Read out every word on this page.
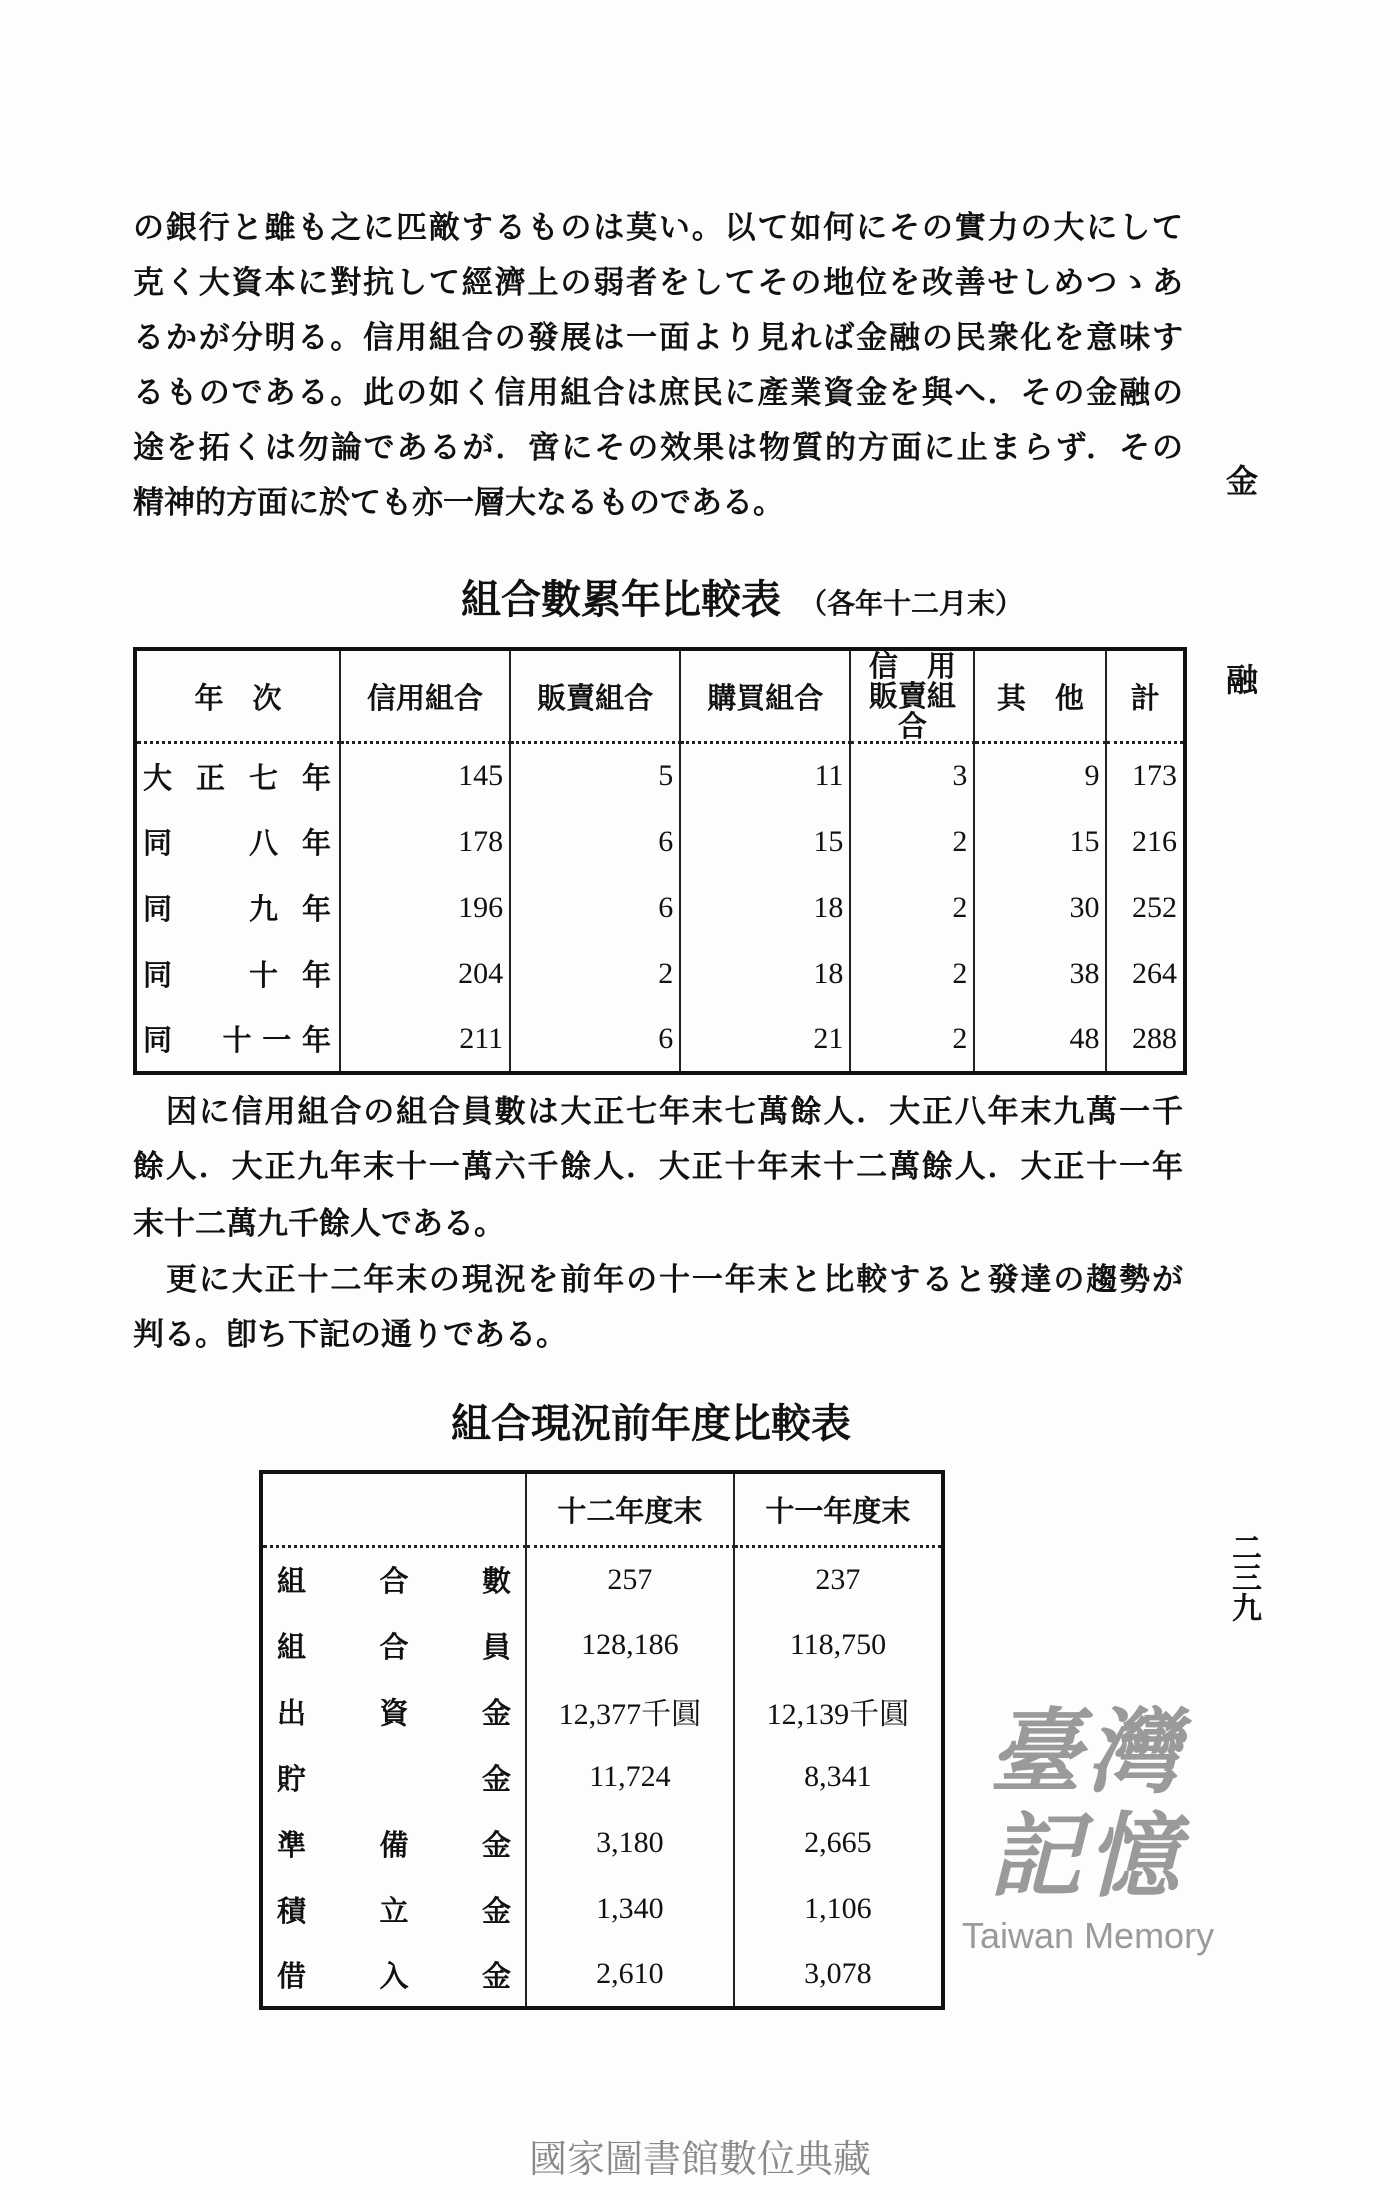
の銀行と雖も之に匹敵するものは莫い。以て如何にその實力の大にして
克く大資本に對抗して經濟上の弱者をしてその地位を改善せしめつゝあ
るかが分明る。信用組合の發展は一面より見れば金融の民衆化を意味す
るものである。此の如く信用組合は庶民に產業資金を與へ．その金融の
途を拓くは勿論であるが．啻にその效果は物質的方面に止まらず．その
精神的方面に於ても亦一層大なるものである。
金
融
二三九
組合數累年比較表 （各年十二月末）
年　次	信用組合	販賣組合	購買組合	信　用 販賣組合	其　他	計
大正七年	145	5	11	3	9	173
同　八年	178	6	15	2	15	216
同　九年	196	6	18	2	30	252
同　十年	204	2	18	2	38	264
同　十一年	211	6	21	2	48	288
因に信用組合の組合員數は大正七年末七萬餘人．大正八年末九萬一千
餘人．大正九年末十一萬六千餘人．大正十年末十二萬餘人．大正十一年
末十二萬九千餘人である。
更に大正十二年末の現況を前年の十一年末と比較すると發達の趨勢が
判る。卽ち下記の通りである。
組合現況前年度比較表
	十二年度末	十一年度末
組　合　數	257	237
組　合　員	128,186	118,750
出　資　金	12,377千圓	12,139千圓
貯　　　金	11,724	8,341
準　備　金	3,180	2,665
積　立　金	1,340	1,106
借　入　金	2,610	3,078
臺灣記憶
Taiwan Memory
國家圖書館數位典藏
